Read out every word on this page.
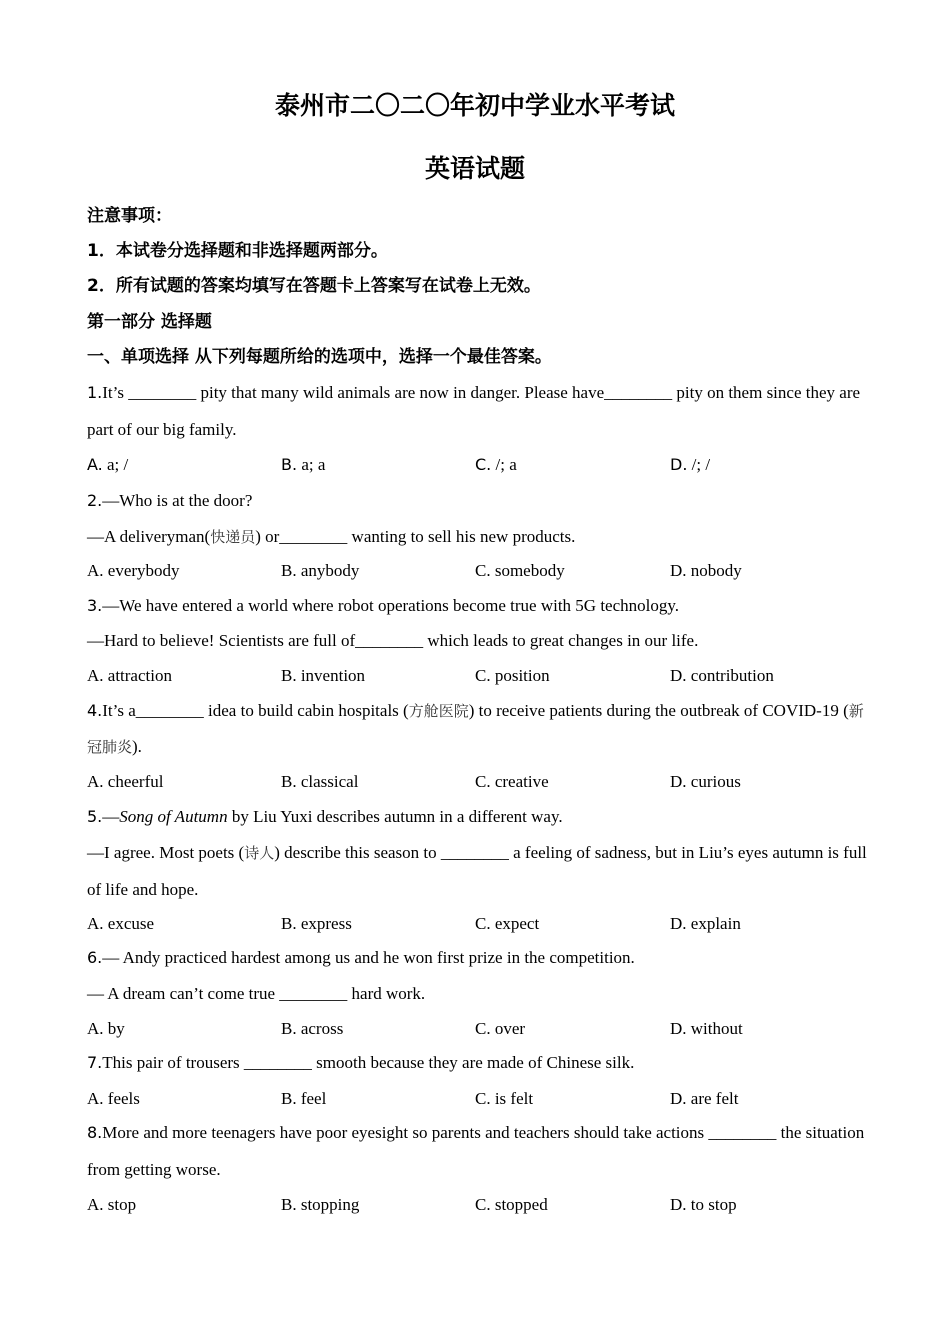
泰州市二〇二〇年初中学业水平考试
英语试题
注意事项：
1．本试卷分选择题和非选择题两部分。
2．所有试题的答案均填写在答题卡上答案写在试卷上无效。
第一部分 选择题
一、单项选择 从下列每题所给的选项中，选择一个最佳答案。
1.It’s ________ pity that many wild animals are now in danger. Please have________ pity on them since they are
part of our big family.
A. a; /	B. a; a	C. /; a	D. /; /
2.—Who is at the door?
—A deliveryman(快递员) or________ wanting to sell his new products.
A. everybody	B. anybody	C. somebody	D. nobody
3.—We have entered a world where robot operations become true with 5G technology.
—Hard to believe! Scientists are full of________ which leads to great changes in our life.
A. attraction	B. invention	C. position	D. contribution
4.It’s a________ idea to build cabin hospitals (方舱医院) to receive patients during the outbreak of COVID-19 (新
冠肺炎).
A. cheerful	B. classical	C. creative	D. curious
5.—Song of Autumn by Liu Yuxi describes autumn in a different way.
—I agree. Most poets (诗人) describe this season to ________ a feeling of sadness, but in Liu’s eyes autumn is full
of life and hope.
A. excuse	B. express	C. expect	D. explain
6.— Andy practiced hardest among us and he won first prize in the competition.
— A dream can’t come true ________ hard work.
A. by	B. across	C. over	D. without
7.This pair of trousers ________ smooth because they are made of Chinese silk.
A. feels	B. feel	C. is felt	D. are felt
8.More and more teenagers have poor eyesight so parents and teachers should take actions ________ the situation
from getting worse.
A. stop	B. stopping	C. stopped	D. to stop
